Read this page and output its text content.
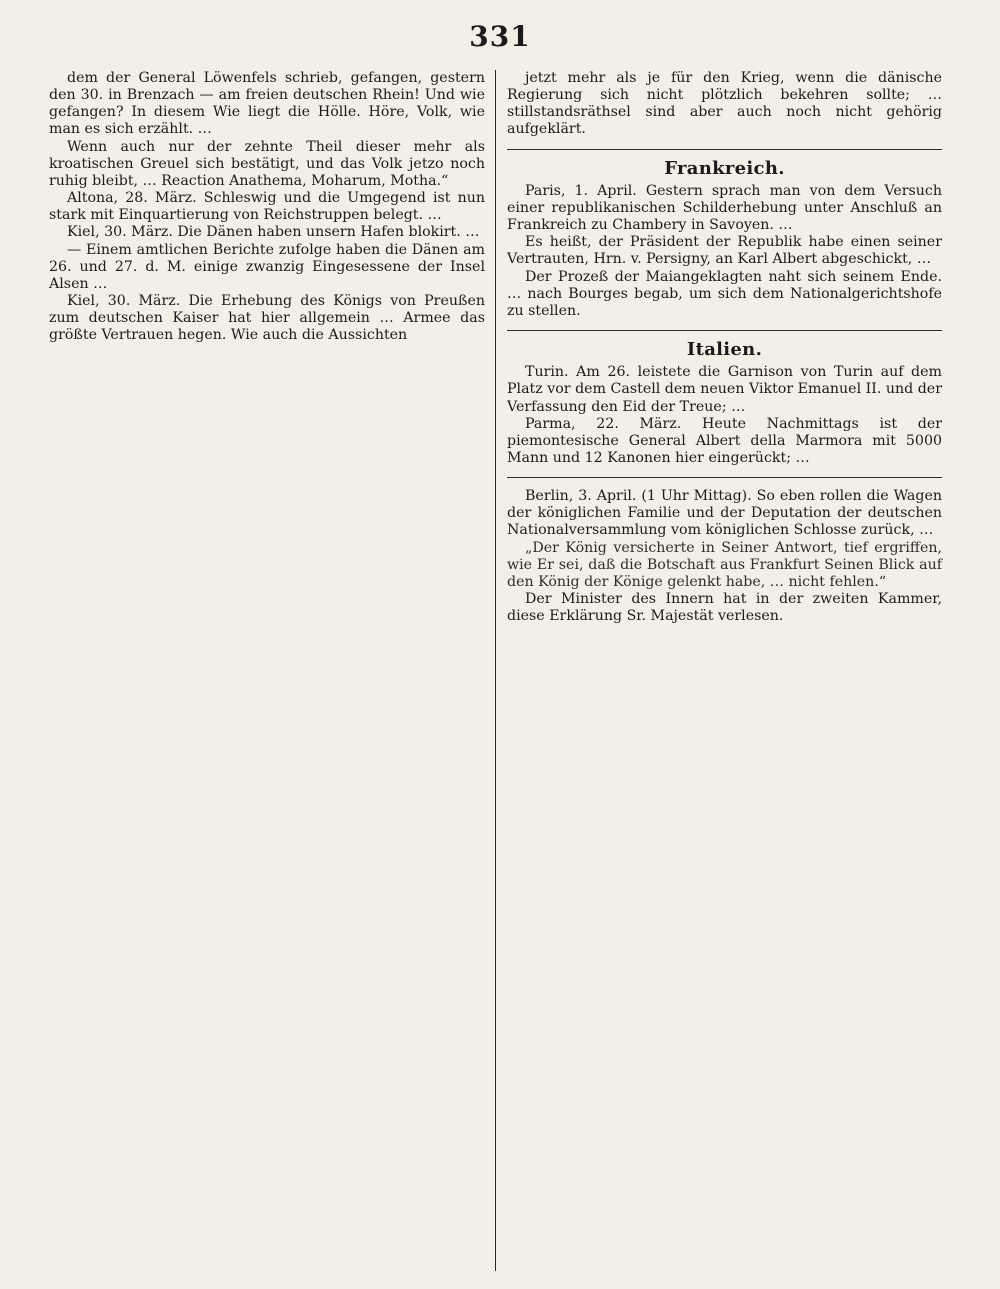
331

dem der General Löwenfels schrieb, gefangen, gestern den 30. in Brenzach — am freien deutschen Rhein! Und wie gefangen? In diesem Wie liegt die Hölle. Höre, Volk, wie man es sich erzählt. …

Wenn auch nur der zehnte Theil dieser mehr als kroatischen Greuel sich bestätigt, und das Volk jetzo noch ruhig bleibt, … Reaction Anathema, Moharum, Motha.“

Altona, 28. März. Schleswig und die Umgegend ist nun stark mit Einquartierung von Reichstruppen belegt. …

Kiel, 30. März. Die Dänen haben unsern Hafen blokirt. …

— Einem amtlichen Berichte zufolge haben die Dänen am 26. und 27. d. M. einige zwanzig Eingesessene der Insel Alsen …

Kiel, 30. März. Die Erhebung des Königs von Preußen zum deutschen Kaiser hat hier allgemein … Armee das größte Vertrauen hegen. Wie auch die Aussichten

jetzt mehr als je für den Krieg, wenn die dänische Regierung sich nicht plötzlich bekehren sollte; … stillstandsräthsel sind aber auch noch nicht gehörig aufgeklärt.

Frankreich.

Paris, 1. April. Gestern sprach man von dem Versuch einer republikanischen Schilderhebung unter Anschluß an Frankreich zu Chambery in Savoyen. …

Es heißt, der Präsident der Republik habe einen seiner Vertrauten, Hrn. v. Persigny, an Karl Albert abgeschickt, …

Der Prozeß der Maiangeklagten naht sich seinem Ende. … nach Bourges begab, um sich dem Nationalgerichtshofe zu stellen.

Italien.

Turin. Am 26. leistete die Garnison von Turin auf dem Platz vor dem Castell dem neuen Viktor Emanuel II. und der Verfassung den Eid der Treue; …

Parma, 22. März. Heute Nachmittags ist der piemontesische General Albert della Marmora mit 5000 Mann und 12 Kanonen hier eingerückt; …

Berlin, 3. April. (1 Uhr Mittag). So eben rollen die Wagen der königlichen Familie und der Deputation der deutschen Nationalversammlung vom königlichen Schlosse zurück, …

„Der König versicherte in Seiner Antwort, tief ergriffen, wie Er sei, daß die Botschaft aus Frankfurt Seinen Blick auf den König der Könige gelenkt habe, … nicht fehlen.“

Der Minister des Innern hat in der zweiten Kammer, diese Erklärung Sr. Majestät verlesen.
